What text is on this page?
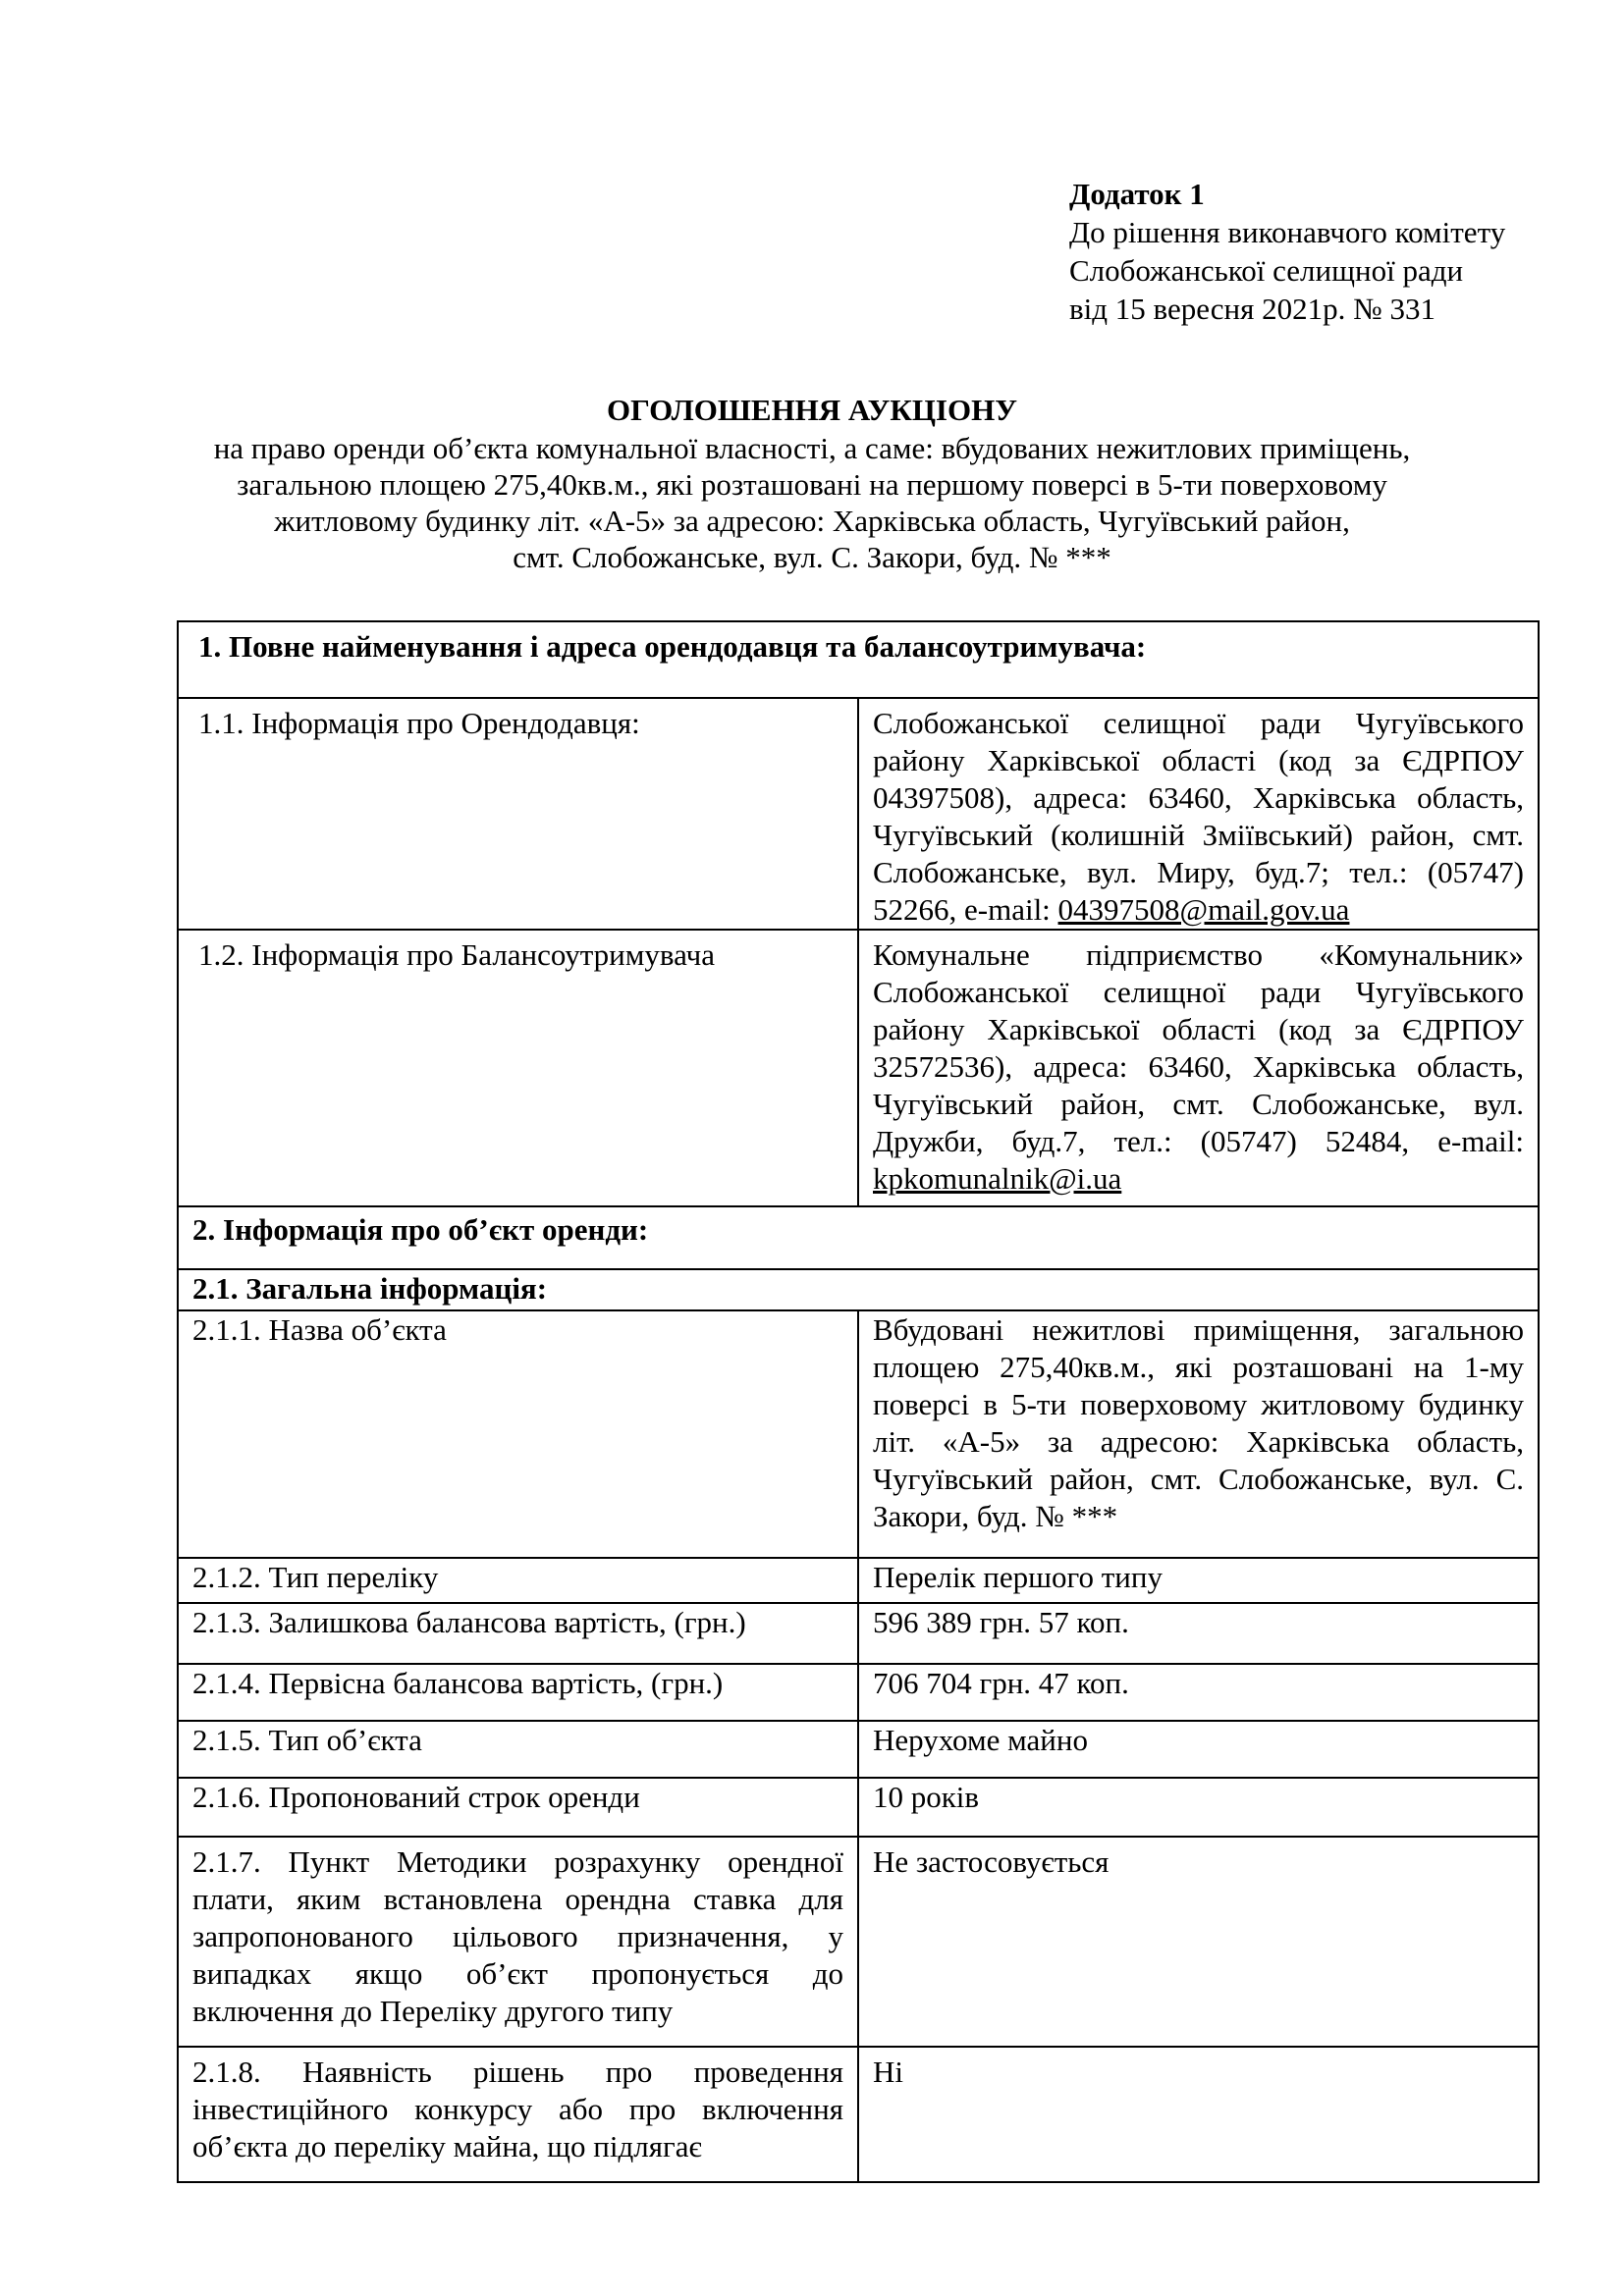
Додаток 1
До рішення виконавчого комітету
Слобожанської селищної ради
від 15 вересня 2021р. № 331
ОГОЛОШЕННЯ АУКЦІОНУ
на право оренди об’єкта комунальної власності, а саме: вбудованих нежитлових приміщень,
загальною площею 275,40кв.м., які розташовані на першому поверсі в 5-ти поверховому
житловому будинку літ. «А-5» за адресою: Харківська область, Чугуївський район,
смт. Слобожанське, вул. С. Закори, буд. № ***
1. Повне найменування і адреса орендодавця та балансоутримувача:	
1.1. Інформація про Орендодавця:	Слобожанської селищної ради Чугуївського району Харківської області (код за ЄДРПОУ 04397508), адреса: 63460, Харківська область, Чугуївський (колишній Зміївський) район, смт. Слобожанське, вул. Миру, буд.7; тел.: (05747) 52266, e-mail: 04397508@mail.gov.ua
1.2. Інформація про Балансоутримувача	Комунальне підприємство «Комунальник» Слобожанської селищної ради Чугуївського району Харківської області (код за ЄДРПОУ 32572536), адреса: 63460, Харківська область, Чугуївський район, смт. Слобожанське, вул. Дружби, буд.7, тел.: (05747) 52484, e-mail: kpkomunalnik@i.ua
2. Інформація про об’єкт оренди:	
2.1. Загальна інформація:	
2.1.1. Назва об’єкта	Вбудовані нежитлові приміщення, загальною площею 275,40кв.м., які розташовані на 1-му поверсі в 5-ти поверховому житловому будинку літ. «А-5» за адресою: Харківська область, Чугуївський район, смт. Слобожанське, вул. С. Закори, буд. № ***
2.1.2. Тип переліку	Перелік першого типу
2.1.3. Залишкова балансова вартість, (грн.)	596 389 грн. 57 коп.
2.1.4. Первісна балансова вартість, (грн.)	706 704 грн. 47 коп.
2.1.5. Тип об’єкта	Нерухоме майно
2.1.6. Пропонований строк оренди	10 років
2.1.7. Пункт Методики розрахунку орендної плати, яким встановлена орендна ставка для запропонованого цільового призначення, у випадках якщо об’єкт пропонується до включення до Переліку другого типу	Не застосовується
2.1.8. Наявність рішень про проведення інвестиційного конкурсу або про включення об’єкта до переліку майна, що підлягає	Ні
